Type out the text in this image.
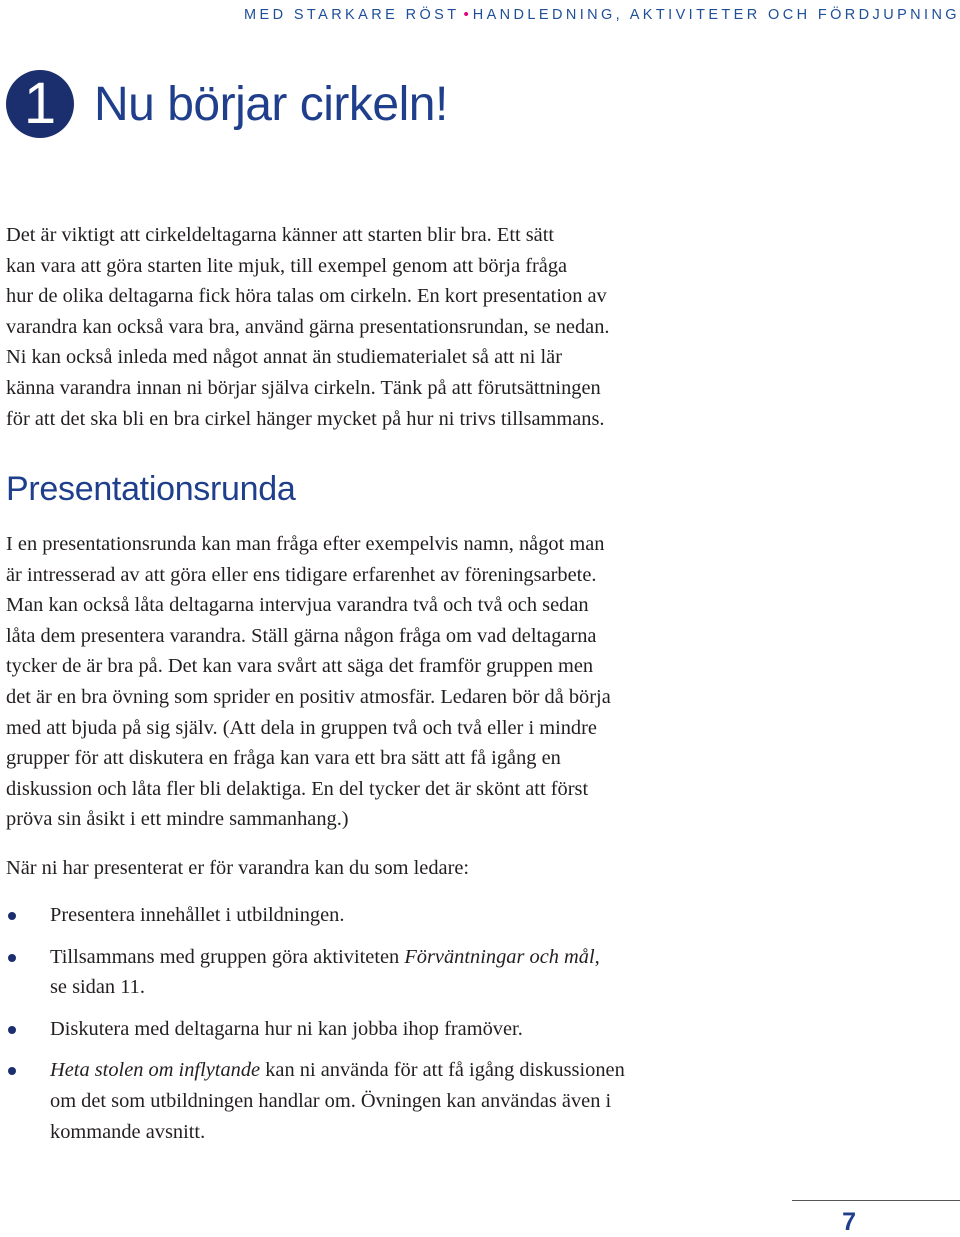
MED STARKARE RÖST • HANDLEDNING, AKTIVITETER OCH FÖRDJUPNING
1 Nu börjar cirkeln!

Det är viktigt att cirkeldeltagarna känner att starten blir bra. Ett sätt
kan vara att göra starten lite mjuk, till exempel genom att börja fråga
hur de olika deltagarna fick höra talas om cirkeln. En kort presentation av
varandra kan också vara bra, använd gärna presentationsrundan, se nedan.
Ni kan också inleda med något annat än studiematerialet så att ni lär
känna varandra innan ni börjar själva cirkeln. Tänk på att förutsättningen
för att det ska bli en bra cirkel hänger mycket på hur ni trivs tillsammans.

Presentationsrunda

I en presentationsrunda kan man fråga efter exempelvis namn, något man
är intresserad av att göra eller ens tidigare erfarenhet av föreningsarbete.
Man kan också låta deltagarna intervjua varandra två och två och sedan
låta dem presentera varandra. Ställ gärna någon fråga om vad deltagarna
tycker de är bra på. Det kan vara svårt att säga det framför gruppen men
det är en bra övning som sprider en positiv atmosfär. Ledaren bör då börja
med att bjuda på sig själv. (Att dela in gruppen två och två eller i mindre
grupper för att diskutera en fråga kan vara ett bra sätt att få igång en
diskussion och låta fler bli delaktiga. En del tycker det är skönt att först
pröva sin åsikt i ett mindre sammanhang.)

När ni har presenterat er för varandra kan du som ledare:

Presentera innehållet i utbildningen.
Tillsammans med gruppen göra aktiviteten Förväntningar och mål,
se sidan 11.
Diskutera med deltagarna hur ni kan jobba ihop framöver.
Heta stolen om inflytande kan ni använda för att få igång diskussionen
om det som utbildningen handlar om. Övningen kan användas även i
kommande avsnitt.
7
